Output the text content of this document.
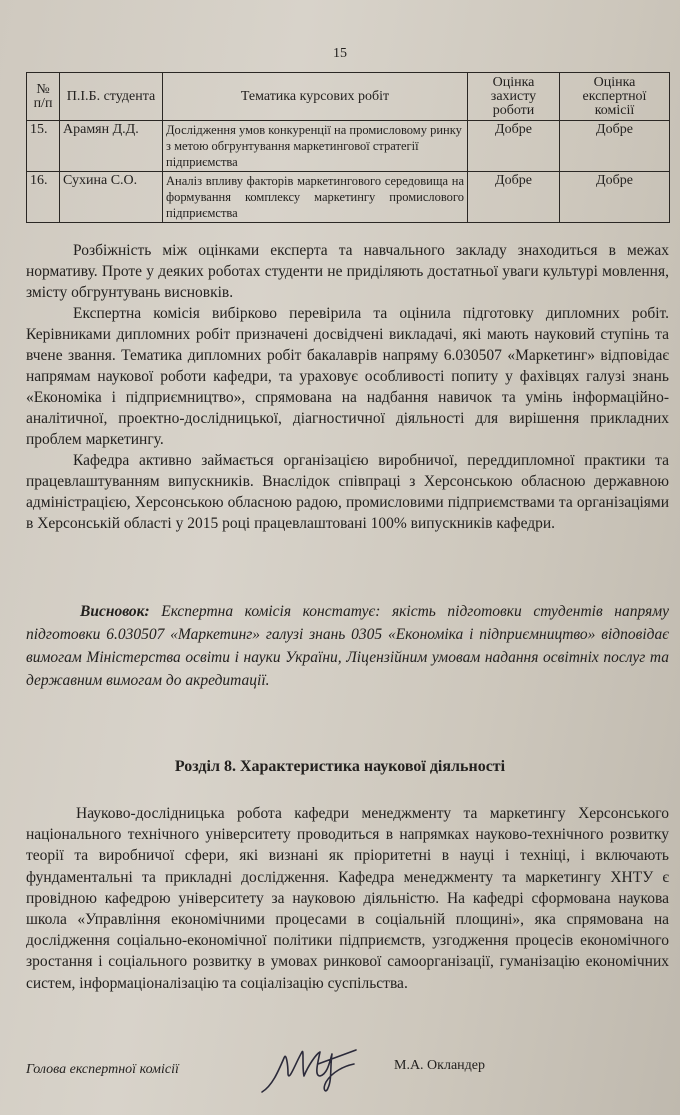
15
№ п/п	П.І.Б. студента	Тематика курсових робіт	Оцінка захисту роботи	Оцінка експертної комісії
15.	Арамян Д.Д.	Дослідження умов конкуренції на промисловому ринку з метою обгрунтування маркетингової стратегії підприємства	Добре	Добре
16.	Сухина С.О.	Аналіз впливу факторів маркетингового середовища на формування комплексу маркетингу промислового підприємства	Добре	Добре

Розбіжність між оцінками експерта та навчального закладу знаходиться в межах нормативу. Проте у деяких роботах студенти не приділяють достатньої уваги культурі мовлення, змісту обгрунтувань висновків.

Експертна комісія вибірково перевірила та оцінила підготовку дипломних робіт. Керівниками дипломних робіт призначені досвідчені викладачі, які мають науковий ступінь та вчене звання. Тематика дипломних робіт бакалаврів напряму 6.030507 «Маркетинг» відповідає напрямам наукової роботи кафедри, та ураховує особливості попиту у фахівцях галузі знань «Економіка і підприємництво», спрямована на надбання навичок та умінь інформаційно-аналітичної, проектно-дослідницької, діагностичної діяльності для вирішення прикладних проблем маркетингу.

Кафедра активно займається організацією виробничої, переддипломної практики та працевлаштуванням випускників. Внаслідок співпраці з Херсонською обласною державною адміністрацією, Херсонською обласною радою, промисловими підприємствами та організаціями в Херсонській області у 2015 році працевлаштовані 100% випускників кафедри.

Висновок: Експертна комісія констатує: якість підготовки студентів напряму підготовки 6.030507 «Маркетинг» галузі знань 0305 «Економіка і підприємництво» відповідає вимогам Міністерства освіти і науки України, Ліцензійним умовам надання освітніх послуг та державним вимогам до акредитації.
Розділ 8. Характеристика наукової діяльності

Науково-дослідницька робота кафедри менеджменту та маркетингу Херсонського національного технічного університету проводиться в напрямках науково-технічного розвитку теорії та виробничої сфери, які визнані як пріоритетні в науці і техніці, і включають фундаментальні та прикладні дослідження. Кафедра менеджменту та маркетингу ХНТУ є провідною кафедрою університету за науковою діяльністю. На кафедрі сформована наукова школа «Управління економічними процесами в соціальній площині», яка спрямована на дослідження соціально-економічної політики підприємств, узгодження процесів економічного зростання і соціального розвитку в умовах ринкової самоорганізації, гуманізацію економічних систем, інформаціоналізацію та соціалізацію суспільства.

Голова експертної комісії	М.А. Окландер
